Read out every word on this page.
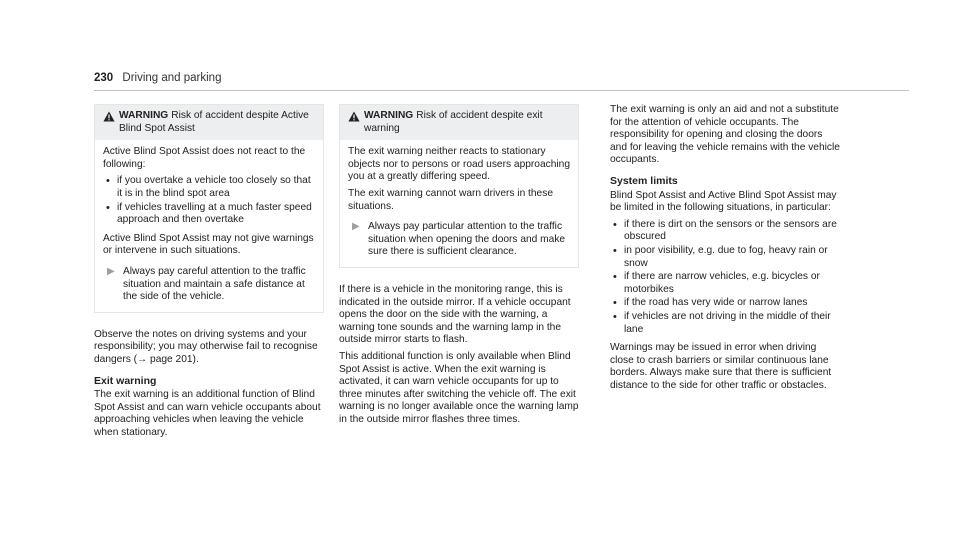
230 Driving and parking
WARNING Risk of accident despite Active Blind Spot Assist

Active Blind Spot Assist does not react to the following:

• if you overtake a vehicle too closely so that it is in the blind spot area
• if vehicles travelling at a much faster speed approach and then overtake

Active Blind Spot Assist may not give warnings or intervene in such situations.

▶ Always pay careful attention to the traffic situation and maintain a safe distance at the side of the vehicle.

Observe the notes on driving systems and your responsibility; you may otherwise fail to recognise dangers (→ page 201).

Exit warning

The exit warning is an additional function of Blind Spot Assist and can warn vehicle occupants about approaching vehicles when leaving the vehicle when stationary.

WARNING Risk of accident despite exit warning

The exit warning neither reacts to stationary objects nor to persons or road users approaching you at a greatly differing speed.

The exit warning cannot warn drivers in these situations.

▶ Always pay particular attention to the traffic situation when opening the doors and make sure there is sufficient clearance.

If there is a vehicle in the monitoring range, this is indicated in the outside mirror. If a vehicle occupant opens the door on the side with the warning, a warning tone sounds and the warning lamp in the outside mirror starts to flash.

This additional function is only available when Blind Spot Assist is active. When the exit warning is activated, it can warn vehicle occupants for up to three minutes after switching the vehicle off. The exit warning is no longer available once the warning lamp in the outside mirror flashes three times.

The exit warning is only an aid and not a substitute for the attention of vehicle occupants. The responsibility for opening and closing the doors and for leaving the vehicle remains with the vehicle occupants.

System limits

Blind Spot Assist and Active Blind Spot Assist may be limited in the following situations, in particular:

• if there is dirt on the sensors or the sensors are obscured
• in poor visibility, e.g. due to fog, heavy rain or snow
• if there are narrow vehicles, e.g. bicycles or motorbikes
• if the road has very wide or narrow lanes
• if vehicles are not driving in the middle of their lane

Warnings may be issued in error when driving close to crash barriers or similar continuous lane borders. Always make sure that there is sufficient distance to the side for other traffic or obstacles.
